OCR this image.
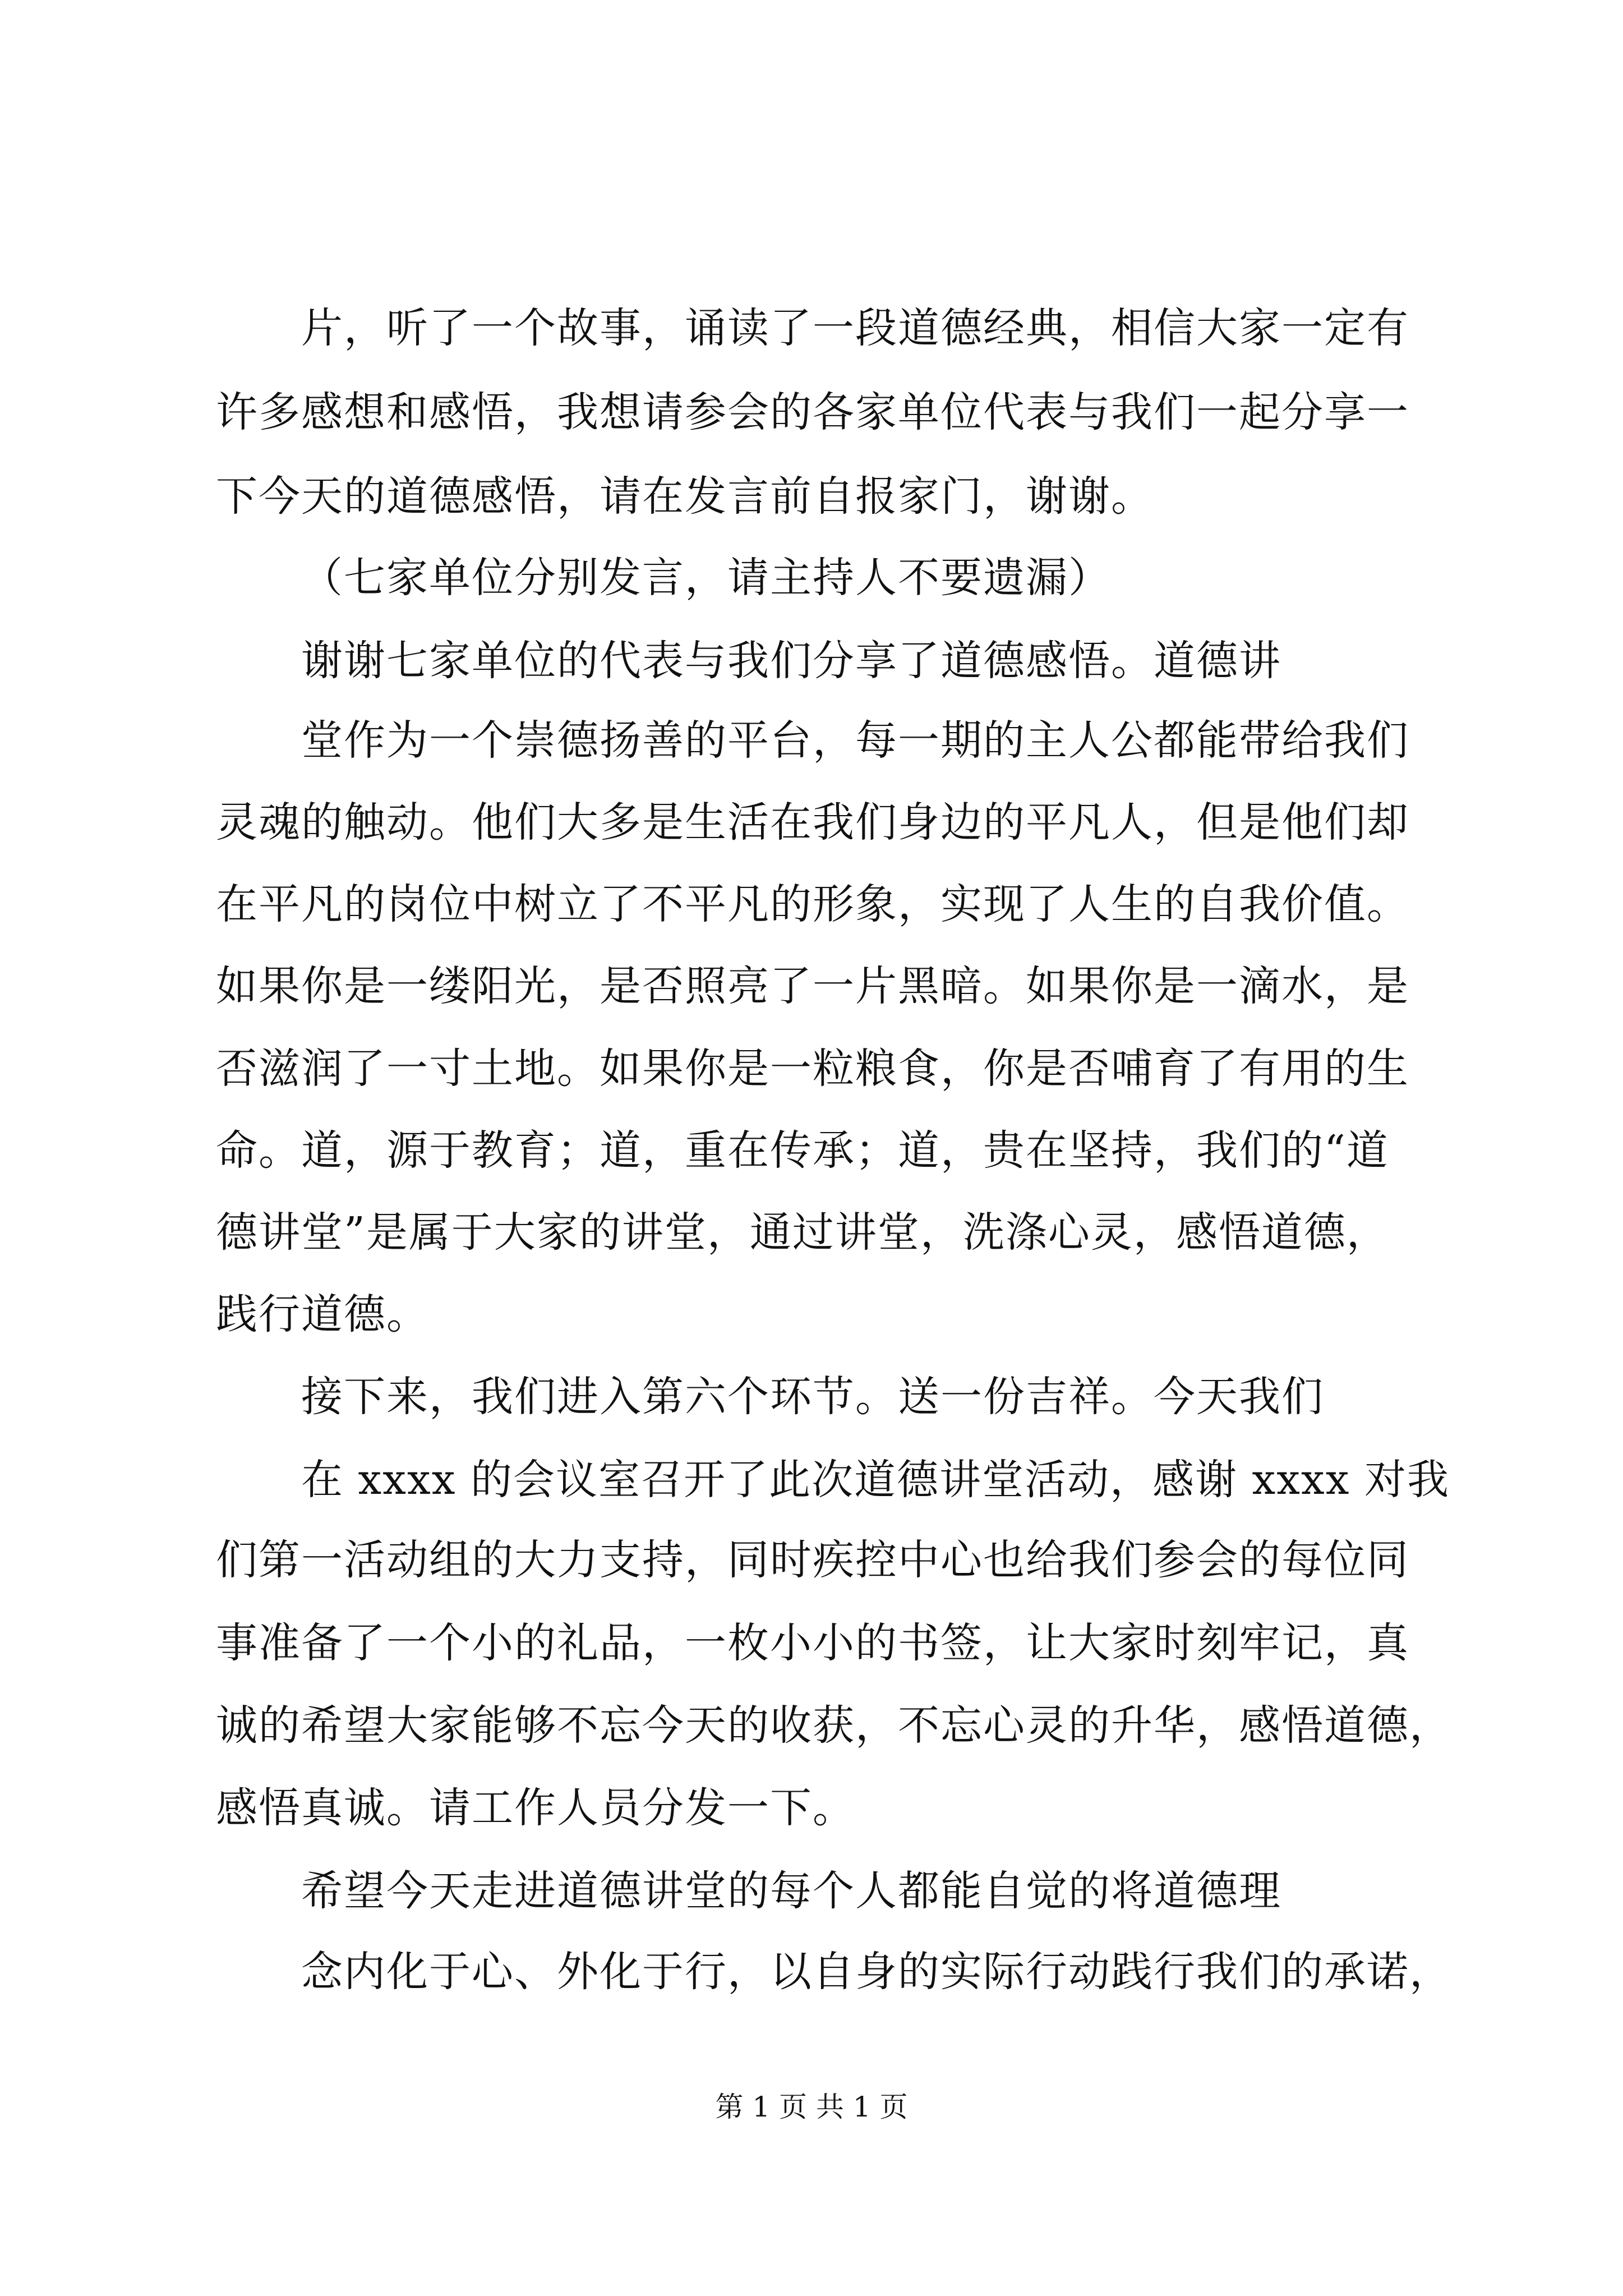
片，听了一个故事，诵读了一段道德经典，相信大家一定有
许多感想和感悟，我想请参会的各家单位代表与我们一起分享一
下今天的道德感悟，请在发言前自报家门，谢谢。
（七家单位分别发言，请主持人不要遗漏）
谢谢七家单位的代表与我们分享了道德感悟。道德讲
堂作为一个崇德扬善的平台，每一期的主人公都能带给我们
灵魂的触动。他们大多是生活在我们身边的平凡人，但是他们却
在平凡的岗位中树立了不平凡的形象，实现了人生的自我价值。
如果你是一缕阳光，是否照亮了一片黑暗。如果你是一滴水，是
否滋润了一寸土地。如果你是一粒粮食，你是否哺育了有用的生
命。道，源于教育；道，重在传承；道，贵在坚持，我们的“道
德讲堂”是属于大家的讲堂，通过讲堂，洗涤心灵，感悟道德，
践行道德。
接下来，我们进入第六个环节。送一份吉祥。今天我们
在 xxxx 的会议室召开了此次道德讲堂活动，感谢 xxxx 对我
们第一活动组的大力支持，同时疾控中心也给我们参会的每位同
事准备了一个小的礼品，一枚小小的书签，让大家时刻牢记，真
诚的希望大家能够不忘今天的收获，不忘心灵的升华，感悟道德，
感悟真诚。请工作人员分发一下。
希望今天走进道德讲堂的每个人都能自觉的将道德理
念内化于心、外化于行，以自身的实际行动践行我们的承诺，
第 1 页 共 1 页
